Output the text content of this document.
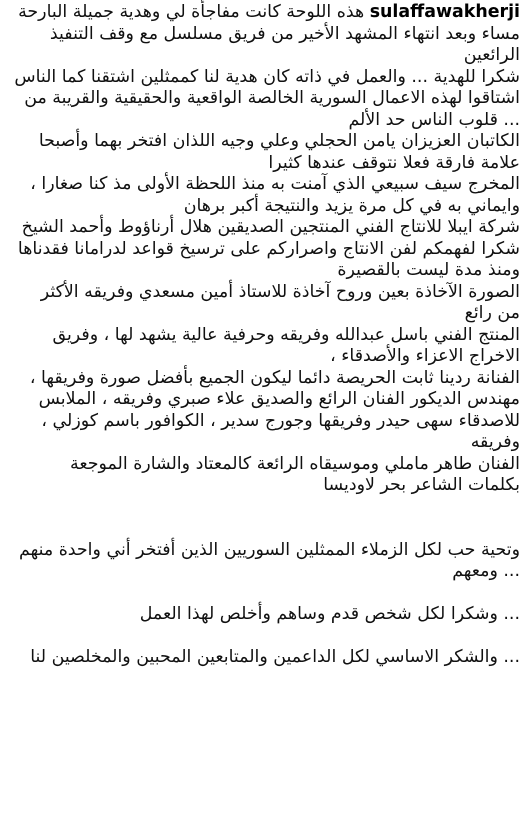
sulaffawakherji هذه اللوحة كانت مفاجأة لي وهدية جميلة البارحة مساء وبعد انتهاء المشهد الأخير من فريق مسلسل مع وقف التنفيذ الرائعين

شكرا للهدية ... والعمل في ذاته كان هدية لنا كممثلين اشتقنا كما الناس اشتاقوا لهذه الاعمال السورية الخالصة الواقعية والحقيقية والقريبة من ... قلوب الناس حد الألم

الكاتبان العزيزان يامن الحجلي وعلي وجيه اللذان افتخر بهما وأصبحا علامة فارقة فعلا نتوقف عندها كثيرا

المخرج سيف سبيعي الذي آمنت به منذ اللحظة الأولى مذ كنا صغارا ، وايماني به في كل مرة يزيد والنتيجة أكبر برهان

شركة ايبلا للانتاج الفني المنتجين الصديقين هلال أرناؤوط وأحمد الشيخ شكرا لفهمكم لفن الانتاج واصراركم على ترسيخ قواعد لدرامانا فقدناها ومنذ مدة ليست بالقصيرة

الصورة الآخاذة بعين وروح آخاذة للاستاذ أمين مسعدي وفريقه الأكثر من رائع

المنتج الفني باسل عبدالله وفريقه وحرفية عالية يشهد لها ، وفريق الاخراج الاعزاء والأصدقاء ،

الفنانة ردينا ثابت الحريصة دائما ليكون الجميع بأفضل صورة وفريقها ، مهندس الديكور الفنان الرائع والصديق علاء صبري وفريقه ، الملابس للاصدقاء سهى حيدر وفريقها وجورج سدير ، الكوافور باسم كوزلي ، وفريقه

الفنان طاهر ماملي وموسيقاه الرائعة كالمعتاد والشارة الموجعة بكلمات الشاعر بحر لاوديسا

وتحية حب لكل الزملاء الممثلين السوريين الذين أفتخر أني واحدة منهم ... ومعهم

... وشكرا لكل شخص قدم وساهم وأخلص لهذا العمل

... والشكر الاساسي لكل الداعمين والمتابعين المحبين والمخلصين لنا
